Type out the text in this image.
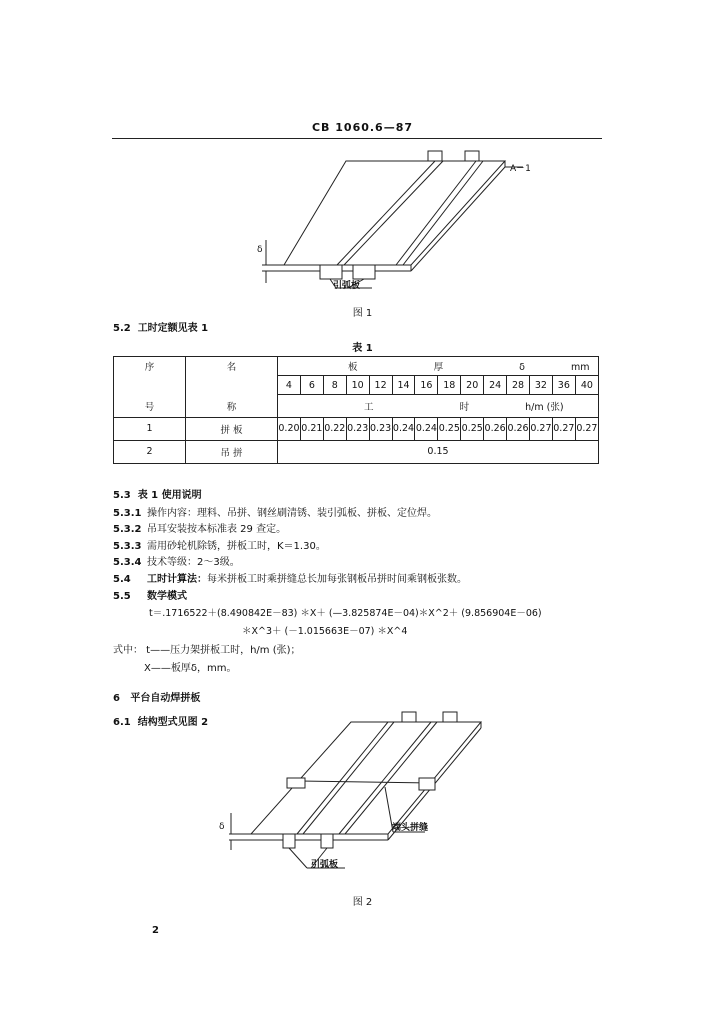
CB 1060.6—87
A－1
δ
引弧板
图 1
5.2 工时定额见表 1
表 1
序	名	板 厚 δ mm													
		4	6	8	10	12	14	16	18	20	24	28	32	36	40
号	称	工 时 h/m (张)													
1	拼 板	0.20	0.21	0.22	0.23	0.23	0.24	0.24	0.25	0.25	0.26	0.26	0.27	0.27	0.27
2	吊 拼	0.15													
5.3 表 1 使用说明
5.3.1 操作内容：理料、吊拼、钢丝刷清锈、装引弧板、拼板、定位焊。
5.3.2 吊耳安装按本标准表 29 查定。
5.3.3 需用砂轮机除锈，拼板工时，K＝1.30。
5.3.4 技术等级：2～3级。
5.4 工时计算法：每米拼板工时乘拼缝总长加每张钢板吊拼时间乘钢板张数。
5.5 数学模式
t＝.1716522＋(8.490842E－83) ＊X＋ (—3.825874E－04)＊X^2＋ (9.856904E－06)
＊X^3＋ (－1.015663E－07) ＊X^4
式中： t——压力架拼板工时，h/m (张)；
X——板厚δ，mm。
6 平台自动焊拼板
6.1 结构型式见图 2
δ	端头拼缝
引弧板
图 2
2
